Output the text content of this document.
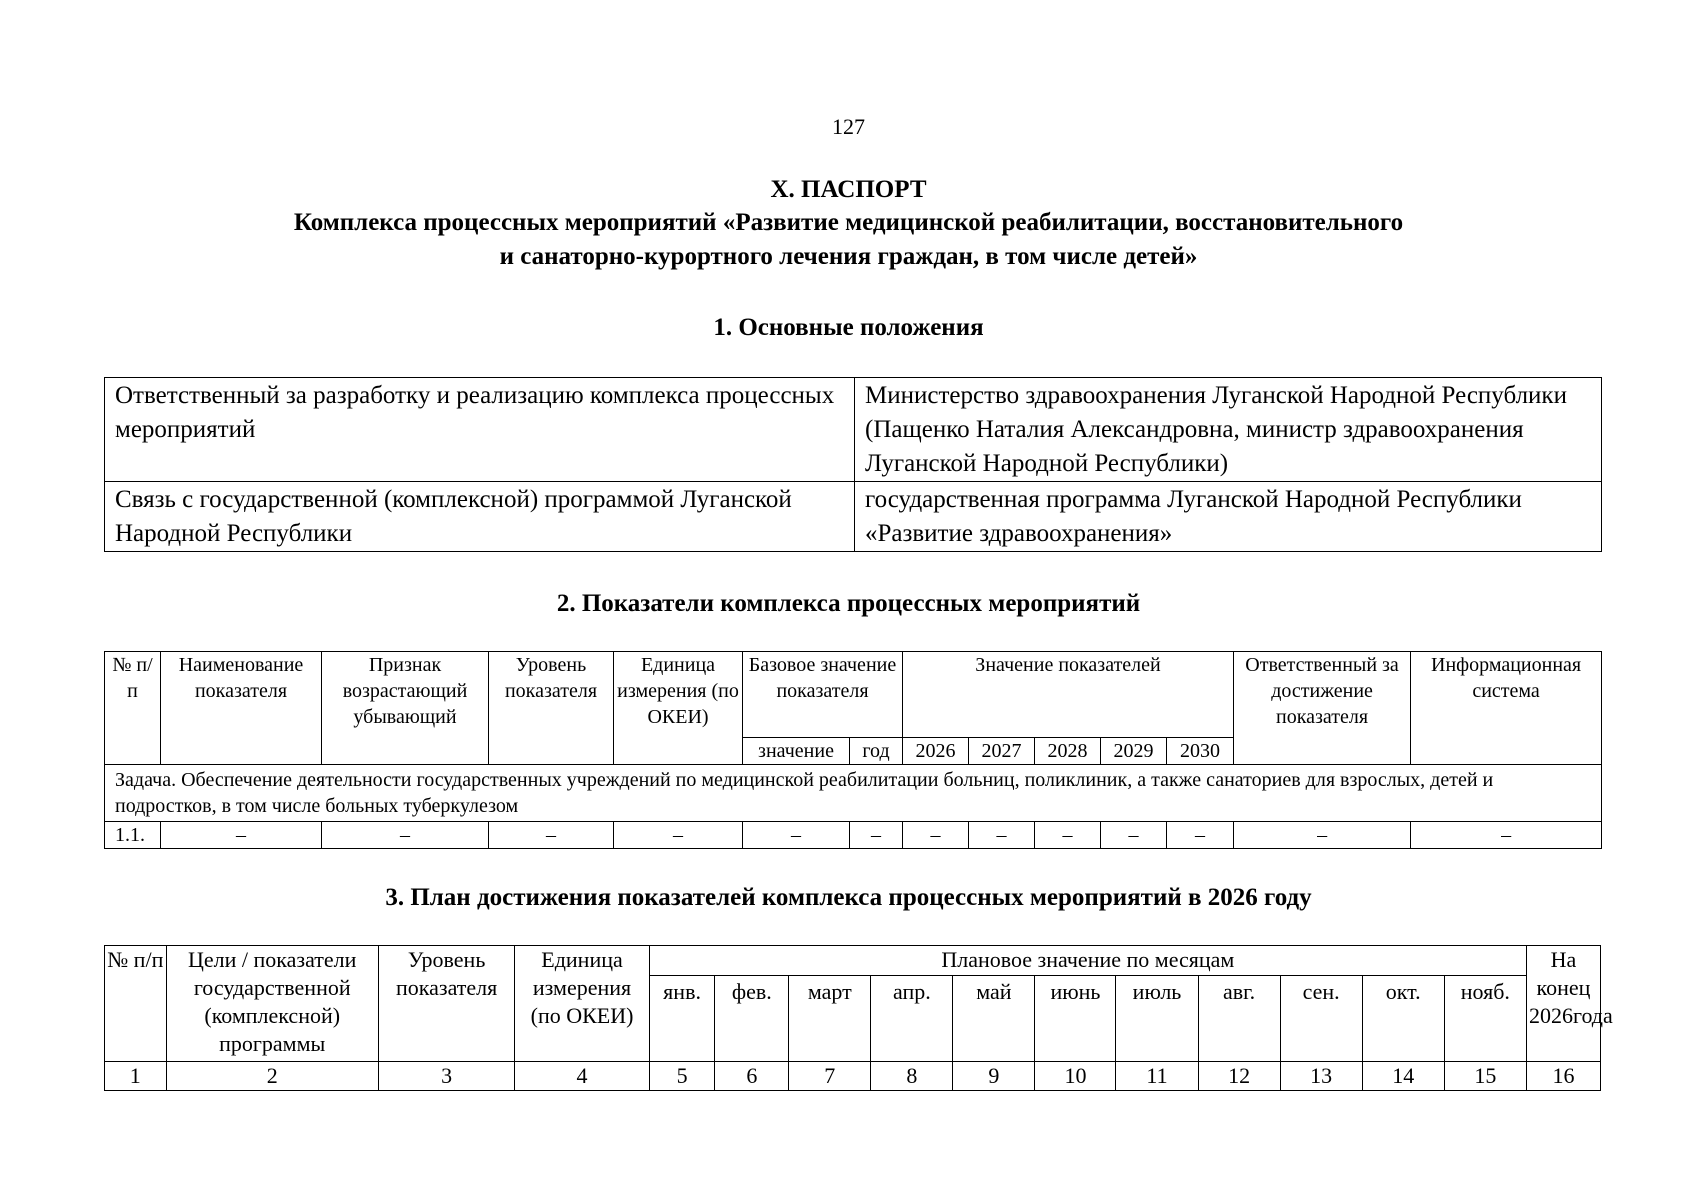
127
X. ПАСПОРТ
Комплекса процессных мероприятий «Развитие медицинской реабилитации, восстановительного
и санаторно-курортного лечения граждан, в том числе детей»
1. Основные положения
Ответственный за разработку и реализацию комплекса процессных мероприятий	Министерство здравоохранения Луганской Народной Республики (Пащенко Наталия Александровна, министр здравоохранения Луганской Народной Республики)
Связь с государственной (комплексной) программой Луганской Народной Республики	государственная программа Луганской Народной Республики «Развитие здравоохранения»
2. Показатели комплекса процессных мероприятий
№ п/п	Наименование показателя	Признак возрастающий убывающий	Уровень показателя	Единица измерения (по ОКЕИ)	Базовое значение показателя		Значение показателей					Ответственный за достижение показателя	Информационная система
					значение	год	2026	2027	2028	2029	2030		
Задача. Обеспечение деятельности государственных учреждений по медицинской реабилитации больниц, поликлиник, а также санаториев для взрослых, детей и подростков, в том числе больных туберкулезом													
1.1.	–	–	–	–	–	–	–	–	–	–	–	–	–
3. План достижения показателей комплекса процессных мероприятий в 2026 году
№ п/п	Цели / показатели государственной (комплексной) программы	Уровень показателя	Единица измерения (по ОКЕИ)	Плановое значение по месяцам											На конец 2026года
				янв.	фев.	март	апр.	май	июнь	июль	авг.	сен.	окт.	нояб.	
1	2	3	4	5	6	7	8	9	10	11	12	13	14	15	16
